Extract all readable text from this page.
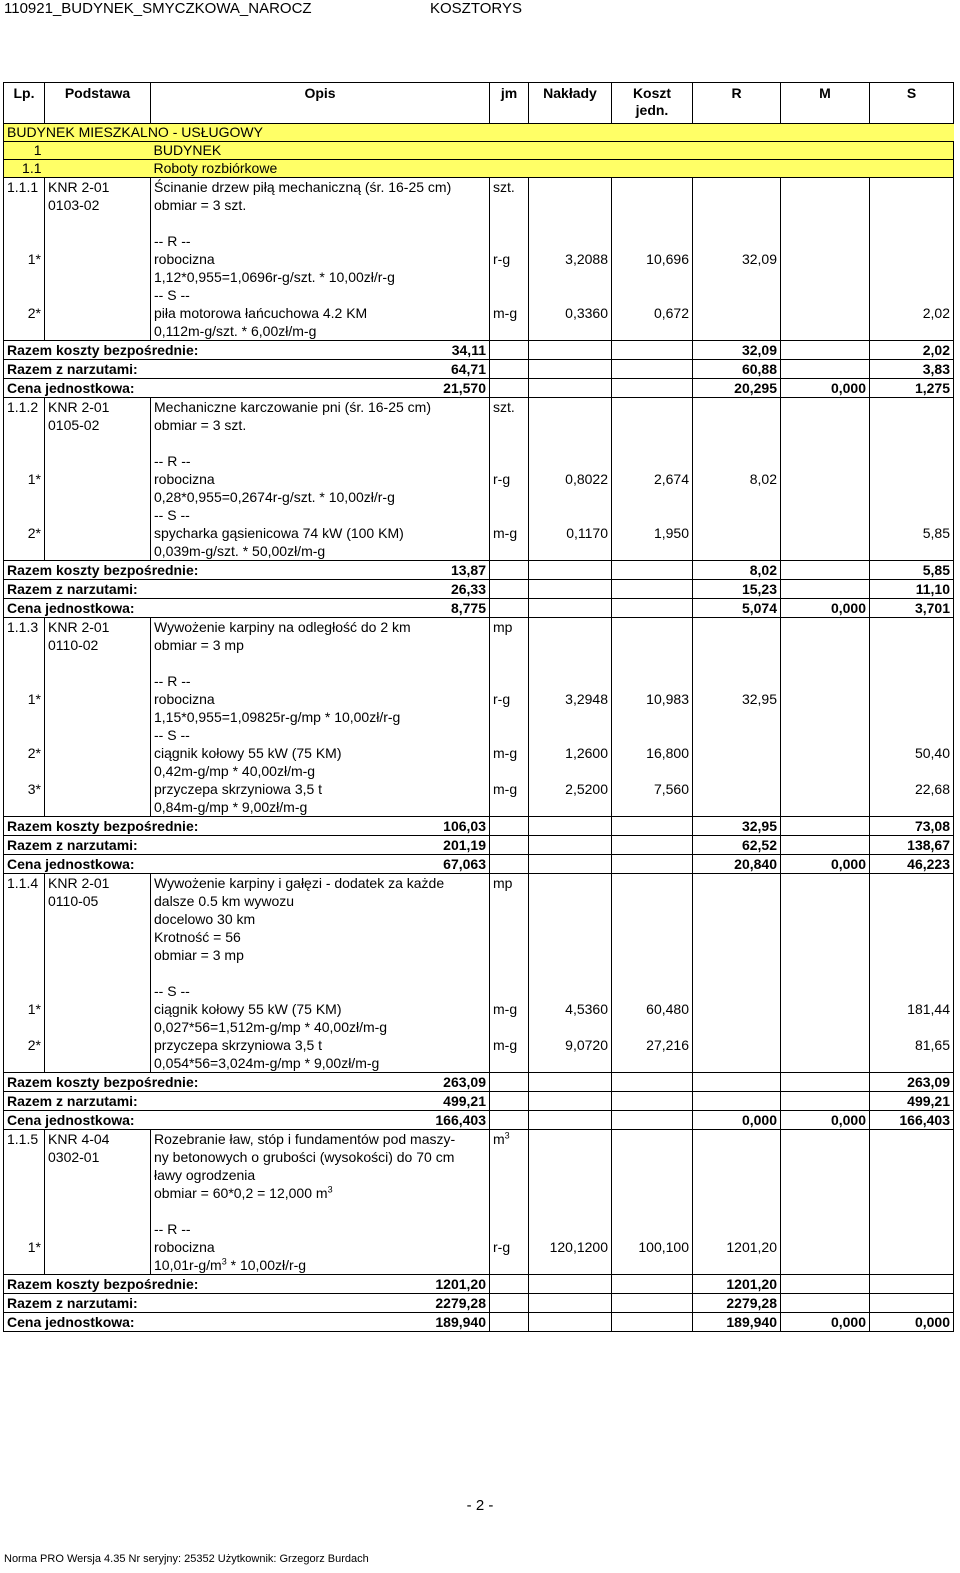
110921_BUDYNEK_SMYCZKOWA_NAROCZ	KOSZTORYS
Lp.	Podstawa	Opis	jm	Nakłady	Koszt jedn.	R	M	S
BUDYNEK MIESZKALNO - USŁUGOWY								
1		BUDYNEK						
1.1		Roboty rozbiórkowe						
1.1.1	KNR 2-01	Ścinanie drzew piłą mechaniczną (śr. 16-25 cm)	szt.					
	0103-02	obmiar = 3 szt.						

		-- R --						
1*		robocizna	r-g	3,2088	10,696	32,09		
		1,12*0,955=1,0696r-g/szt. * 10,00zł/r-g						
		-- S --						
2*		piła motorowa łańcuchowa 4.2 KM	m-g	0,3360	0,672			2,02
		0,112m-g/szt. * 6,00zł/m-g						
Razem koszty bezpośrednie: 34,11						32,09		2,02
Razem z narzutami: 64,71						60,88		3,83
Cena jednostkowa: 21,570						20,295	0,000	1,275
1.1.2	KNR 2-01	Mechaniczne karczowanie pni (śr. 16-25 cm)	szt.					
	0105-02	obmiar = 3 szt.						

		-- R --						
1*		robocizna	r-g	0,8022	2,674	8,02		
		0,28*0,955=0,2674r-g/szt. * 10,00zł/r-g						
		-- S --						
2*		spycharka gąsienicowa 74 kW (100 KM)	m-g	0,1170	1,950			5,85
		0,039m-g/szt. * 50,00zł/m-g						
Razem koszty bezpośrednie: 13,87						8,02		5,85
Razem z narzutami: 26,33						15,23		11,10
Cena jednostkowa: 8,775						5,074	0,000	3,701
1.1.3	KNR 2-01	Wywożenie karpiny na odległość do 2 km	mp					
	0110-02	obmiar = 3 mp						

		-- R --						
1*		robocizna	r-g	3,2948	10,983	32,95		
		1,15*0,955=1,09825r-g/mp * 10,00zł/r-g						
		-- S --						
2*		ciągnik kołowy 55 kW (75 KM)	m-g	1,2600	16,800			50,40
		0,42m-g/mp * 40,00zł/m-g						
3*		przyczepa skrzyniowa 3,5 t	m-g	2,5200	7,560			22,68
		0,84m-g/mp * 9,00zł/m-g						
Razem koszty bezpośrednie: 106,03						32,95		73,08
Razem z narzutami: 201,19						62,52		138,67
Cena jednostkowa: 67,063						20,840	0,000	46,223
1.1.4	KNR 2-01	Wywożenie karpiny i gałęzi - dodatek za każde	mp					
	0110-05	dalsze 0.5 km wywozu						

		docelowo 30 km						
		Krotność = 56						
		obmiar = 3 mp						

		-- S --						
1*		ciągnik kołowy 55 kW (75 KM)	m-g	4,5360	60,480			181,44
		0,027*56=1,512m-g/mp * 40,00zł/m-g						
2*		przyczepa skrzyniowa 3,5 t	m-g	9,0720	27,216			81,65
		0,054*56=3,024m-g/mp * 9,00zł/m-g						
Razem koszty bezpośrednie: 263,09								263,09
Razem z narzutami: 499,21								499,21
Cena jednostkowa: 166,403						0,000	0,000	166,403
1.1.5	KNR 4-04	Rozebranie ław, stóp i fundamentów pod maszy-	$m^3$					
	0302-01	ny betonowych o grubości (wysokości) do 70 cm						

		ławy ogrodzenia						
		obmiar = 60*0,2 = 12,000 $m^3$						

		-- R --						
1*		robocizna	r-g	120,1200	100,100	1201,20		
		$10,01r-g/m^3$ * 10,00zł/r-g						
Razem koszty bezpośrednie: 1201,20						1201,20		
Razem z narzutami: 2279,28						2279,28		
Cena jednostkowa: 189,940						189,940	0,000	0,000
- 2 -
Norma PRO Wersja 4.35 Nr seryjny: 25352 Użytkownik: Grzegorz Burdach
